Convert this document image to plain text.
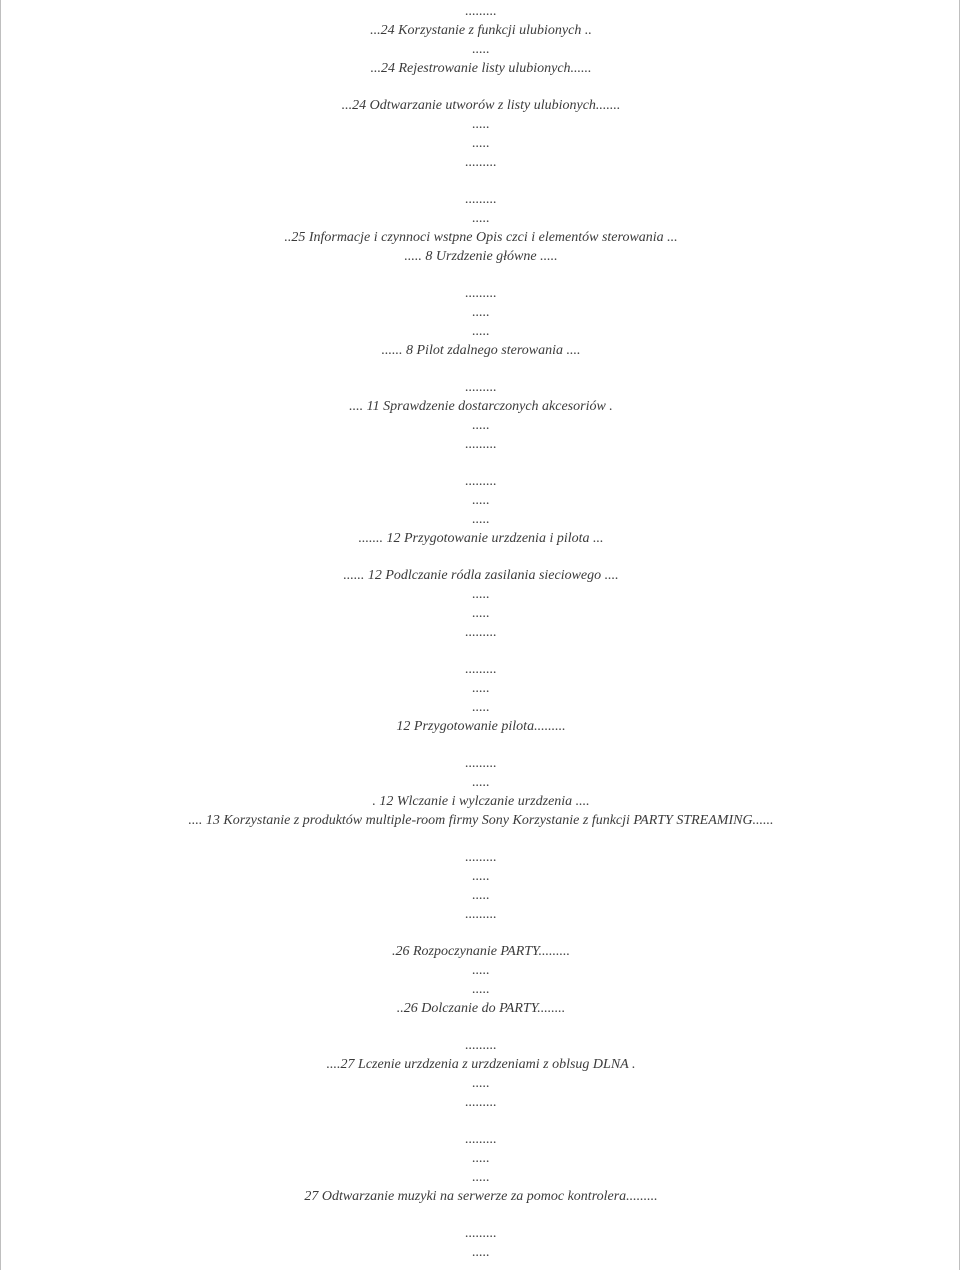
.........
...24 Korzystanie z funkcji ulubionych ..
.....
...24 Rejestrowanie listy ulubionych......
...24 Odtwarzanie utworów z listy ulubionych.......
.....
.....
.........
.........
.....
..25 Informacje i czynnoci wstpne Opis czci i elementów sterowania ...
..... 8 Urzdzenie główne .....
.........
.....
.....
...... 8 Pilot zdalnego sterowania ....
.........
.... 11 Sprawdzenie dostarczonych akcesoriów .
.....
.........
.........
.....
.....
....... 12 Przygotowanie urzdzenia i pilota ...
...... 12 Podlczanie ródla zasilania sieciowego ....
.....
.....
.........
.........
.....
.....
12 Przygotowanie pilota.........
.........
.....
. 12 Wlczanie i wylczanie urzdzenia ....
.... 13 Korzystanie z produktów multiple-room firmy Sony Korzystanie z funkcji PARTY STREAMING......
.........
.....
.....
.........
.26 Rozpoczynanie PARTY.........
.....
.....
..26 Dolczanie do PARTY........
.........
....27 Lczenie urzdzenia z urzdzeniami z oblsug DLNA .
.....
.........
.........
.....
.....
27 Odtwarzanie muzyki na serwerze za pomoc kontrolera.........
.........
.....
